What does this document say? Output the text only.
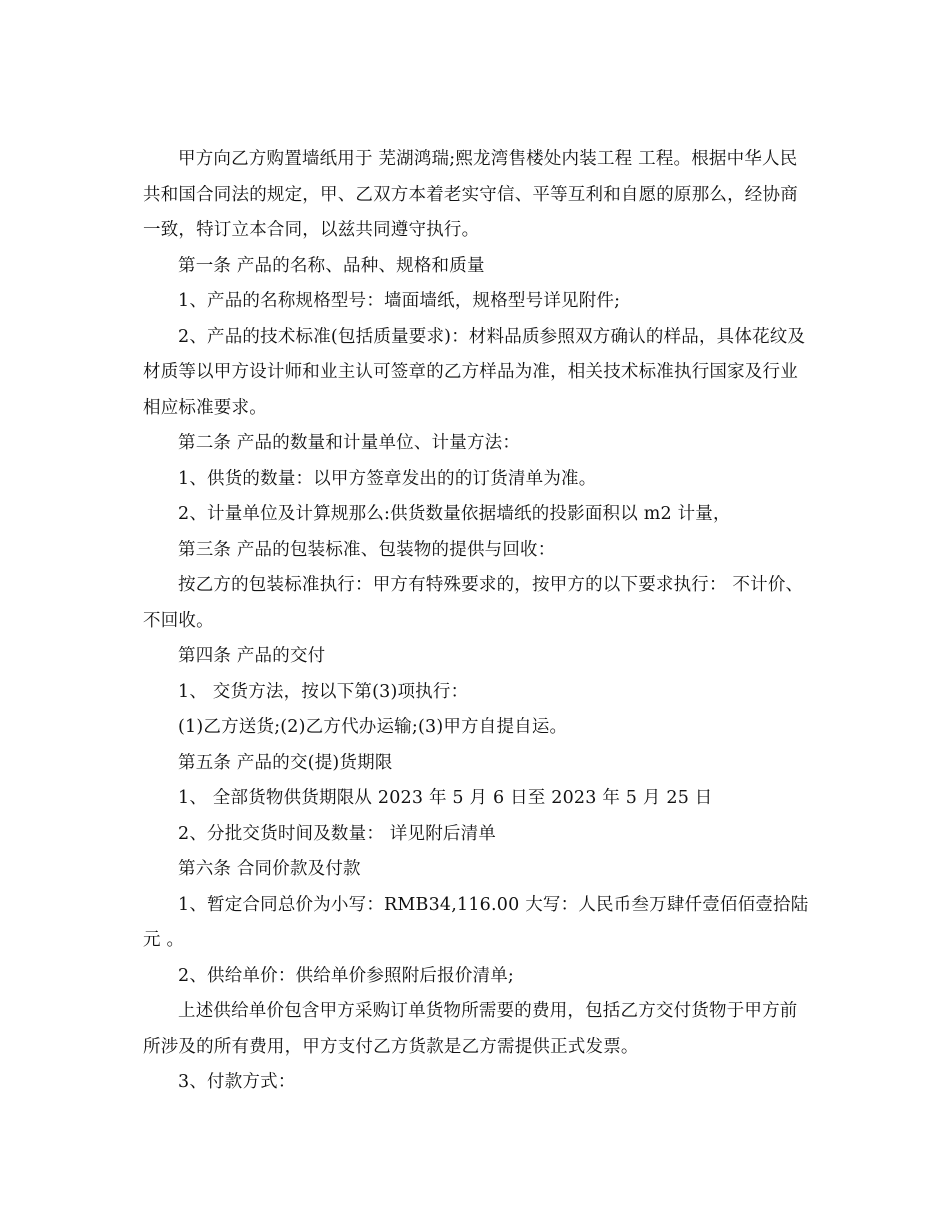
甲方向乙方购置墙纸用于 芜湖鸿瑞;熙龙湾售楼处内装工程 工程。根据中华人民共和国合同法的规定，甲、乙双方本着老实守信、平等互利和自愿的原那么，经协商一致，特订立本合同，以兹共同遵守执行。

第一条 产品的名称、品种、规格和质量

1、产品的名称规格型号：墙面墙纸，规格型号详见附件;

2、产品的技术标准(包括质量要求)：材料品质参照双方确认的样品，具体花纹及材质等以甲方设计师和业主认可签章的乙方样品为准，相关技术标准执行国家及行业相应标准要求。

第二条 产品的数量和计量单位、计量方法：

1、供货的数量：以甲方签章发出的的订货清单为准。

2、计量单位及计算规那么:供货数量依据墙纸的投影面积以 m2 计量，

第三条 产品的包装标准、包装物的提供与回收：

按乙方的包装标准执行：甲方有特殊要求的，按甲方的以下要求执行： 不计价、不回收。

第四条 产品的交付

1、 交货方法，按以下第(3)项执行：

(1)乙方送货;(2)乙方代办运输;(3)甲方自提自运。

第五条 产品的交(提)货期限

1、 全部货物供货期限从 2023 年 5 月 6 日至 2023 年 5 月 25 日

2、分批交货时间及数量： 详见附后清单

第六条 合同价款及付款

1、暂定合同总价为小写：RMB34,116.00 大写：人民币叁万肆仟壹佰佰壹拾陆元 。

2、供给单价：供给单价参照附后报价清单;

上述供给单价包含甲方采购订单货物所需要的费用，包括乙方交付货物于甲方前所涉及的所有费用，甲方支付乙方货款是乙方需提供正式发票。

3、付款方式：
